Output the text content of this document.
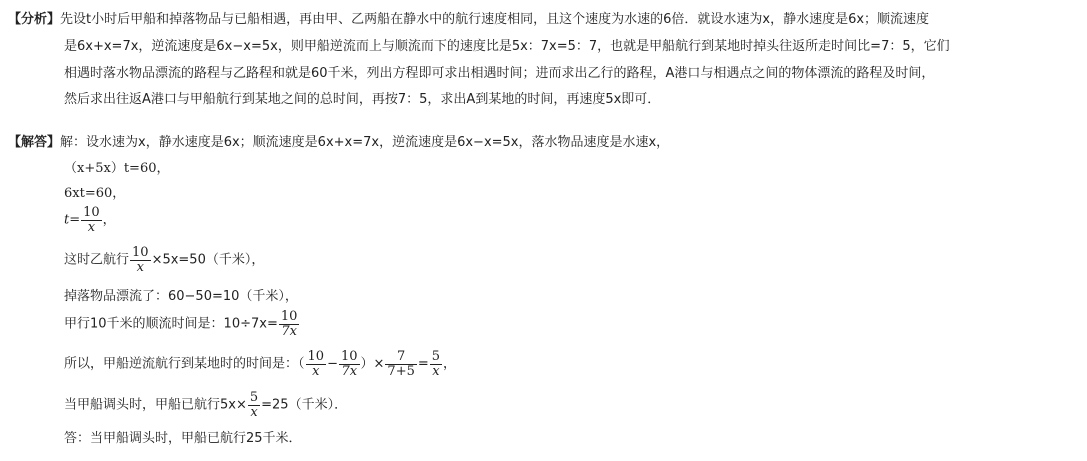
【分析】先设t小时后甲船和掉落物品与已船相遇，再由甲、乙两船在静水中的航行速度相同，且这个速度为水速的6倍．就设水速为x，静水速度是6x；顺流速度
是6x+x=7x，逆流速度是6x−x=5x，则甲船逆流而上与顺流而下的速度比是5x：7x=5：7，也就是甲船航行到某地时掉头往返所走时间比=7：5，它们
相遇时落水物品漂流的路程与乙路程和就是60千米，列出方程即可求出相遇时间；进而求出乙行的路程，A港口与相遇点之间的物体漂流的路程及时间，
然后求出往返A港口与甲船航行到某地之间的总时间，再按7：5，求出A到某地的时间，再速度5x即可．
【解答】解：设水速为x，静水速度是6x；顺流速度是6x+x=7x，逆流速度是6x−x=5x，落水物品速度是水速x，
（x+5x）t=60，
6xt=60，
$t= \frac{10}{x}$ ，
这时乙航行 $\frac{10}{x} \times 5x=50$（千米），
掉落物品漂流了：60−50=10（千米），
甲行10千米的顺流时间是：$10\div 7x= \frac{10}{7x}$
所以，甲船逆流航行到某地时的时间是：（ $\frac{10}{x} - \frac{10}{7x}$ ）× $\frac{7}{7+5} = \frac{5}{x}$ ，
当甲船调头时，甲船已航行$5x\times \frac{5}{x} =25$（千米）．
答：当甲船调头时，甲船已航行25千米．
